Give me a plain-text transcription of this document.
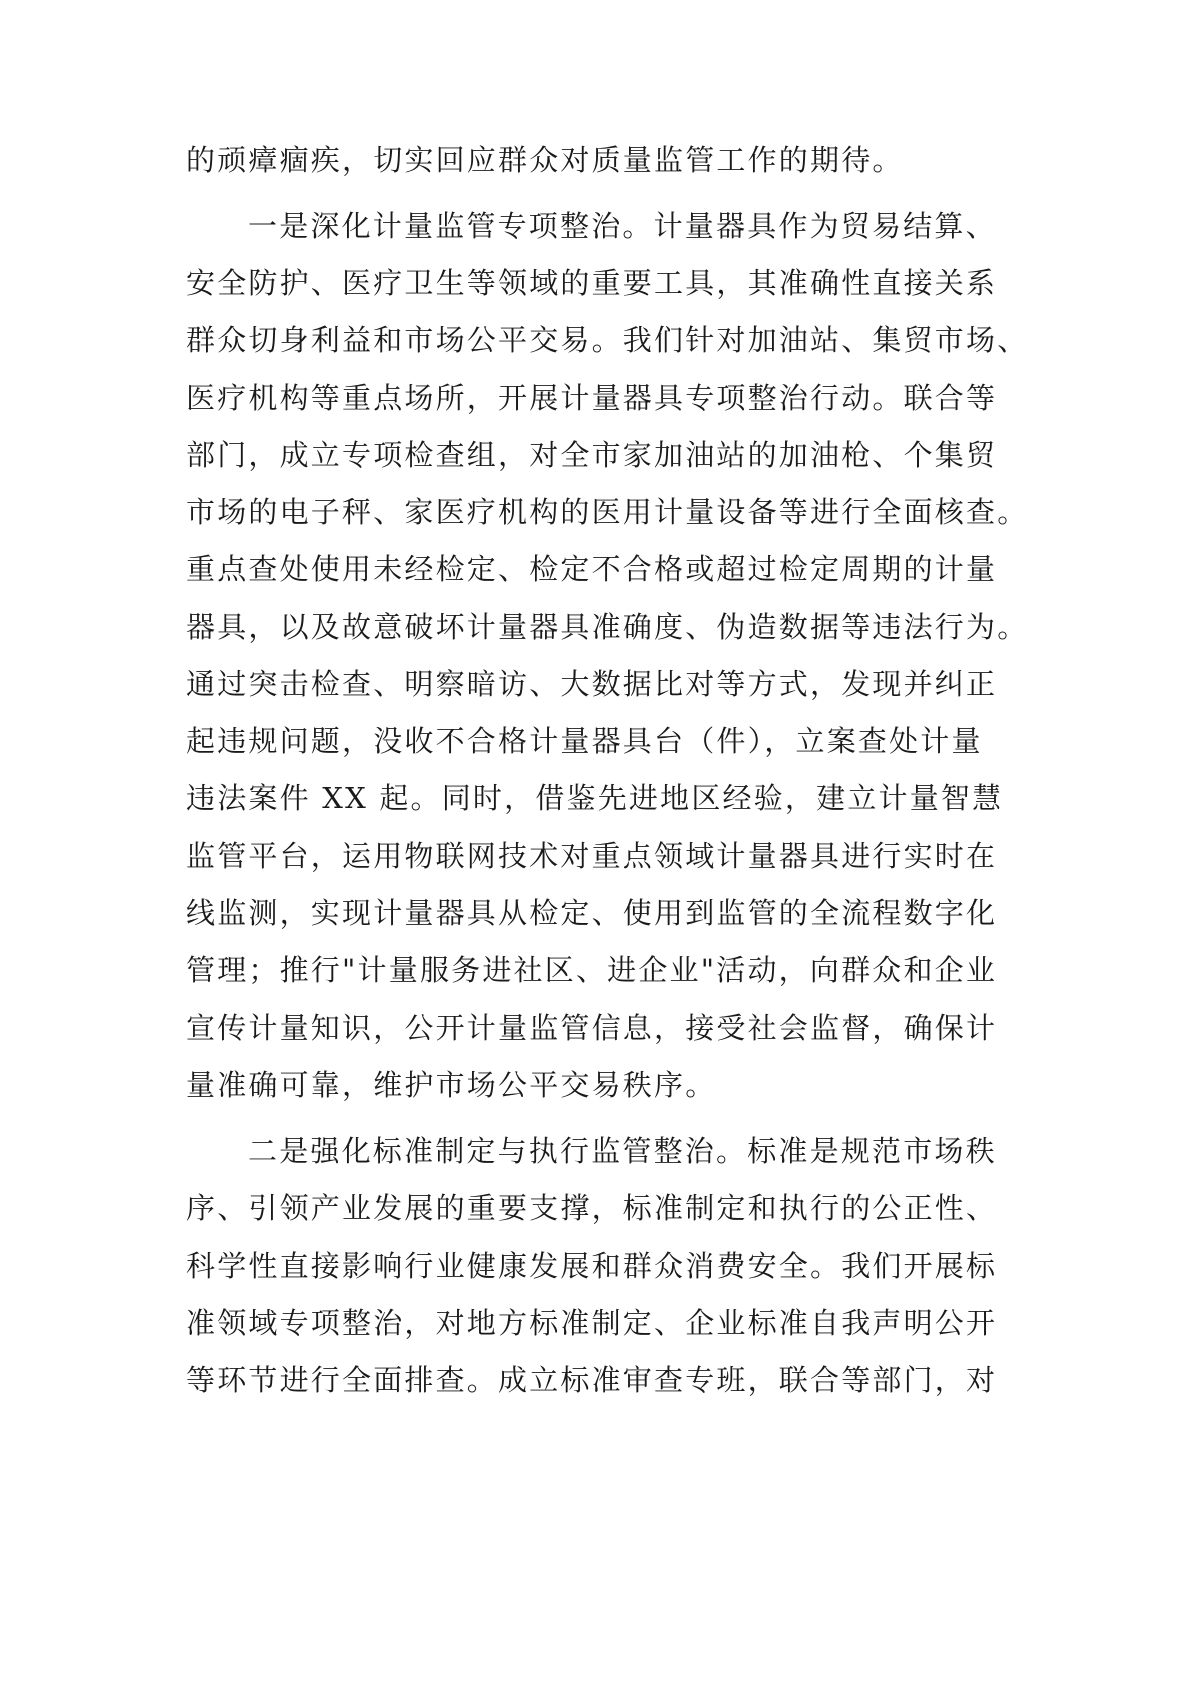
的顽瘴痼疾，切实回应群众对质量监管工作的期待。

一是深化计量监管专项整治。计量器具作为贸易结算、

安全防护、医疗卫生等领域的重要工具，其准确性直接关系

群众切身利益和市场公平交易。我们针对加油站、集贸市场、

医疗机构等重点场所，开展计量器具专项整治行动。联合等

部门，成立专项检查组，对全市家加油站的加油枪、个集贸

市场的电子秤、家医疗机构的医用计量设备等进行全面核查。

重点查处使用未经检定、检定不合格或超过检定周期的计量

器具，以及故意破坏计量器具准确度、伪造数据等违法行为。

通过突击检查、明察暗访、大数据比对等方式，发现并纠正

起违规问题，没收不合格计量器具台（件），立案查处计量

违法案件 XX 起。同时，借鉴先进地区经验，建立计量智慧

监管平台，运用物联网技术对重点领域计量器具进行实时在

线监测，实现计量器具从检定、使用到监管的全流程数字化

管理；推行"计量服务进社区、进企业"活动，向群众和企业

宣传计量知识，公开计量监管信息，接受社会监督，确保计

量准确可靠，维护市场公平交易秩序。

二是强化标准制定与执行监管整治。标准是规范市场秩

序、引领产业发展的重要支撑，标准制定和执行的公正性、

科学性直接影响行业健康发展和群众消费安全。我们开展标

准领域专项整治，对地方标准制定、企业标准自我声明公开

等环节进行全面排查。成立标准审查专班，联合等部门，对
